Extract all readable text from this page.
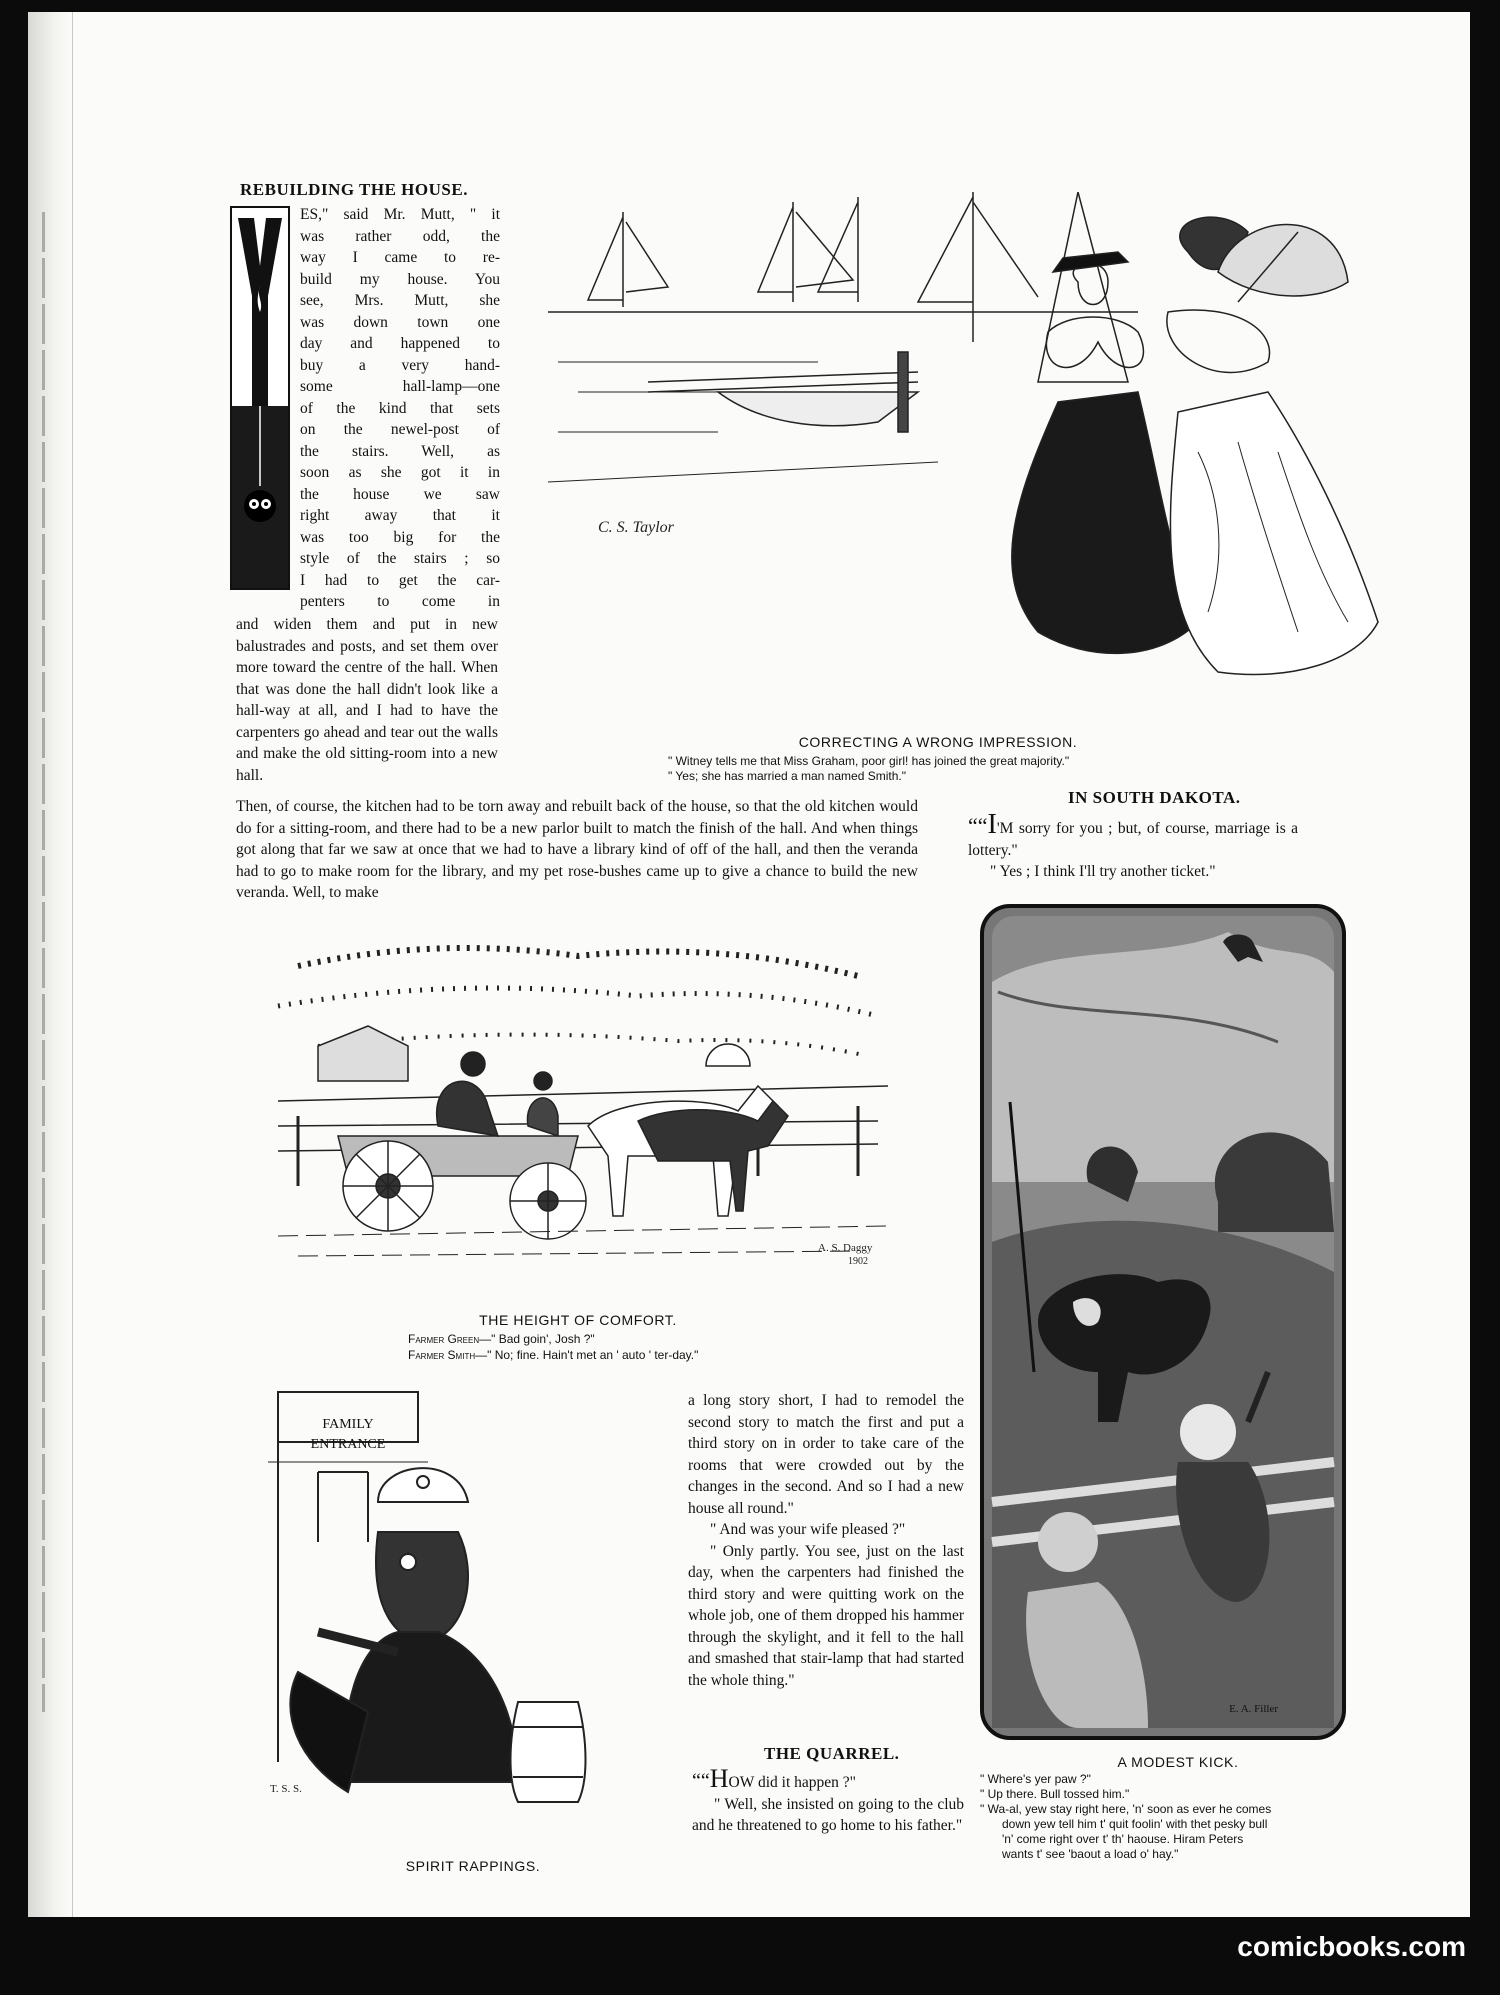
REBUILDING THE HOUSE.
ES," said Mr. Mutt, " it
was rather odd, the
way I came to re-
build my house. You
see, Mrs. Mutt, she
was down town one
day and happened to
buy a very hand-
some hall-lamp—one
of the kind that sets
on the newel-post of
the stairs. Well, as
soon as she got it in
the house we saw
right away that it
was too big for the
style of the stairs ; so
I had to get the car-
penters to come in

and widen them and put in new balustrades and posts, and set them over more toward the centre of the hall. When that was done the hall didn't look like a hall-way at all, and I had to have the carpenters go ahead and tear out the walls and make the old sitting-room into a new hall.

Then, of course, the kitchen had to be torn away and rebuilt back of the house, so that the old kitchen would do for a sitting-room, and there had to be a new parlor built to match the finish of the hall. And when things got along that far we saw at once that we had to have a library kind of off of the hall, and then the veranda had to go to make room for the library, and my pet rose-bushes came up to give a chance to build the new veranda. Well, to make

C. S. Taylor
CORRECTING A WRONG IMPRESSION.
" Witney tells me that Miss Graham, poor girl! has joined the great majority."
" Yes; she has married a man named Smith."
IN SOUTH DAKOTA.

““I'M sorry for you ; but, of course, marriage is a lottery."

" Yes ; I think I'll try another ticket."

A. S. Daggy
1902
THE HEIGHT OF COMFORT.
Farmer Green—" Bad goin', Josh ?"
Farmer Smith—" No; fine. Hain't met an ' auto ' ter-day."
FAMILY
ENTRANCE
T. S. S.
SPIRIT RAPPINGS.

a long story short, I had to remodel the second story to match the first and put a third story on in order to take care of the rooms that were crowded out by the changes in the second. And so I had a new house all round."

" And was your wife pleased ?"

" Only partly. You see, just on the last day, when the carpenters had finished the third story and were quitting work on the whole job, one of them dropped his hammer through the skylight, and it fell to the hall and smashed that stair-lamp that had started the whole thing."

THE QUARREL.

““HOW did it happen ?"

" Well, she insisted on going to the club and he threatened to go home to his father."

E. A. Filler
A MODEST KICK.
" Where's yer paw ?"
" Up there. Bull tossed him."
" Wa-al, yew stay right here, 'n' soon as ever he comes
down yew tell him t' quit foolin' with thet pesky bull
'n' come right over t' th' haouse. Hiram Peters
wants t' see 'baout a load o' hay."
comicbooks.com
